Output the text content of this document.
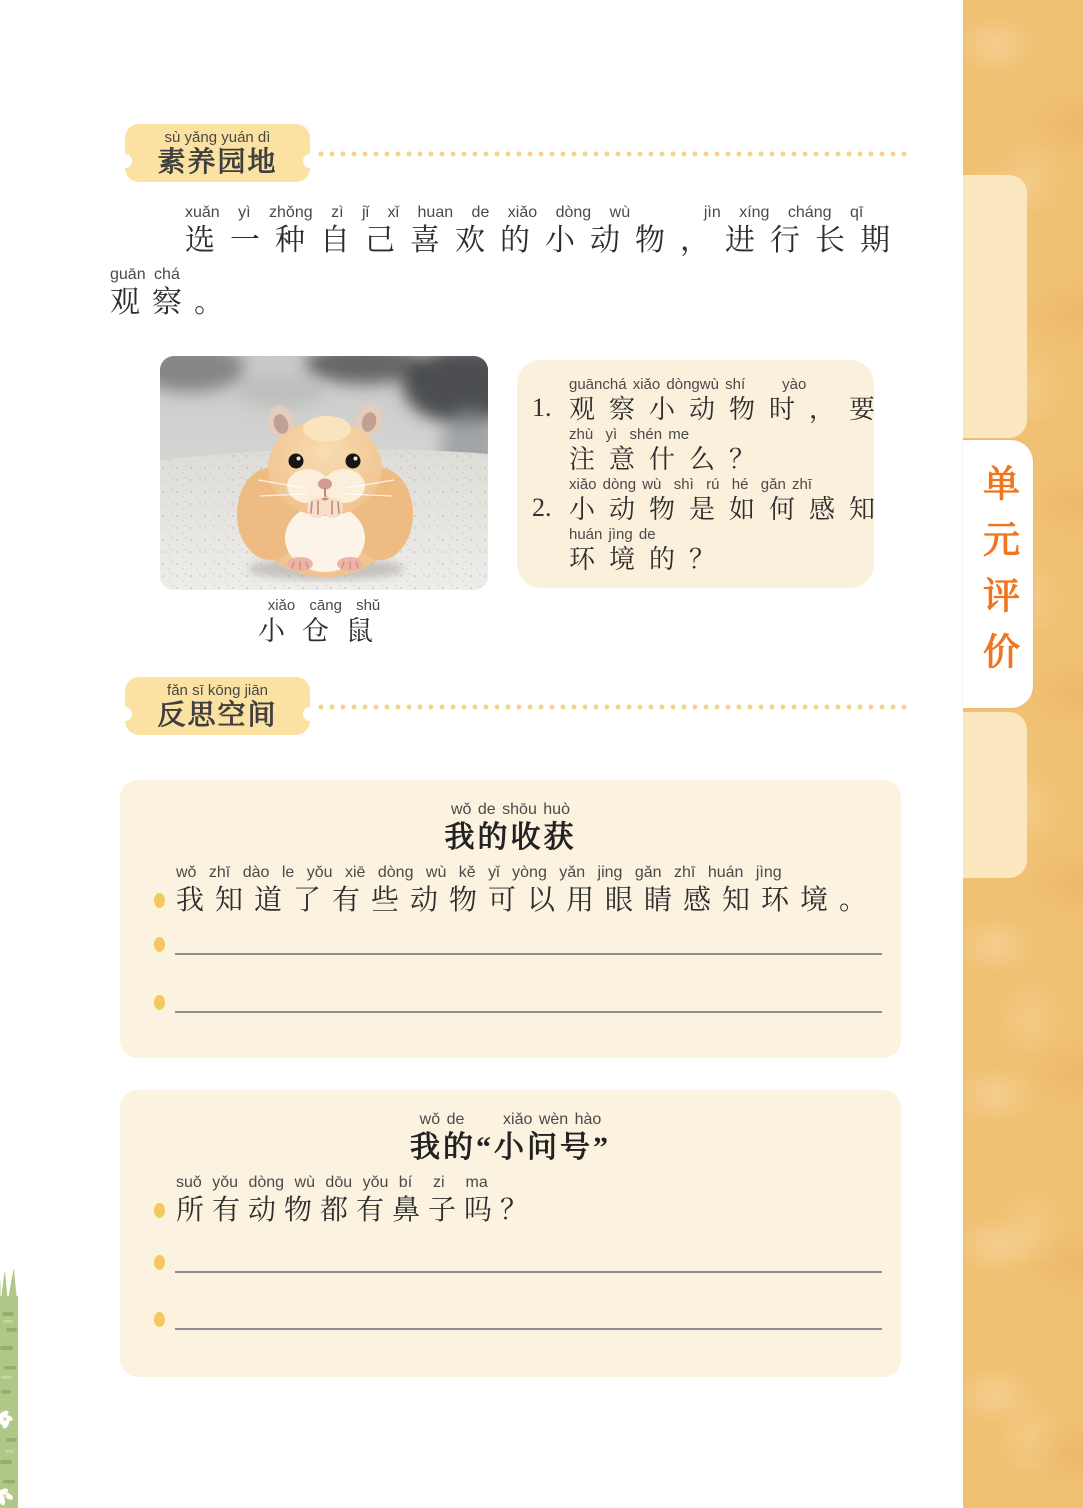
单元评价
sù yǎng yuán dì
素养园地
xuǎn yì zhǒng zì jǐ xǐ huan de xiǎo dòng wù    jìn xíng cháng qī
选一种自己喜欢的小动物，进行长期
guān chá
观察。
xiǎo cāng shǔ
小仓鼠
1.
guānchá xiǎo dòngwù shí      yào
观察小动物时，要
zhù  yì  shén me
注意什么？
2.
xiǎo dòng wù  shì  rú  hé  gǎn zhī
小动物是如何感知
huán jìng de
环境的？
fǎn sī kōng jiān
反思空间
wǒ de shōu huò
我的收获
wǒ zhī dào le yǒu xiē dòng wù kě yǐ yòng yǎn jing gǎn zhī huán jìng
我知道了有些动物可以用眼睛感知环境。
wǒ de      xiǎo wèn hào
我的“小问号”
suǒ yǒu dòng wù dōu yǒu bí  zi  ma
所有动物都有鼻子吗？
